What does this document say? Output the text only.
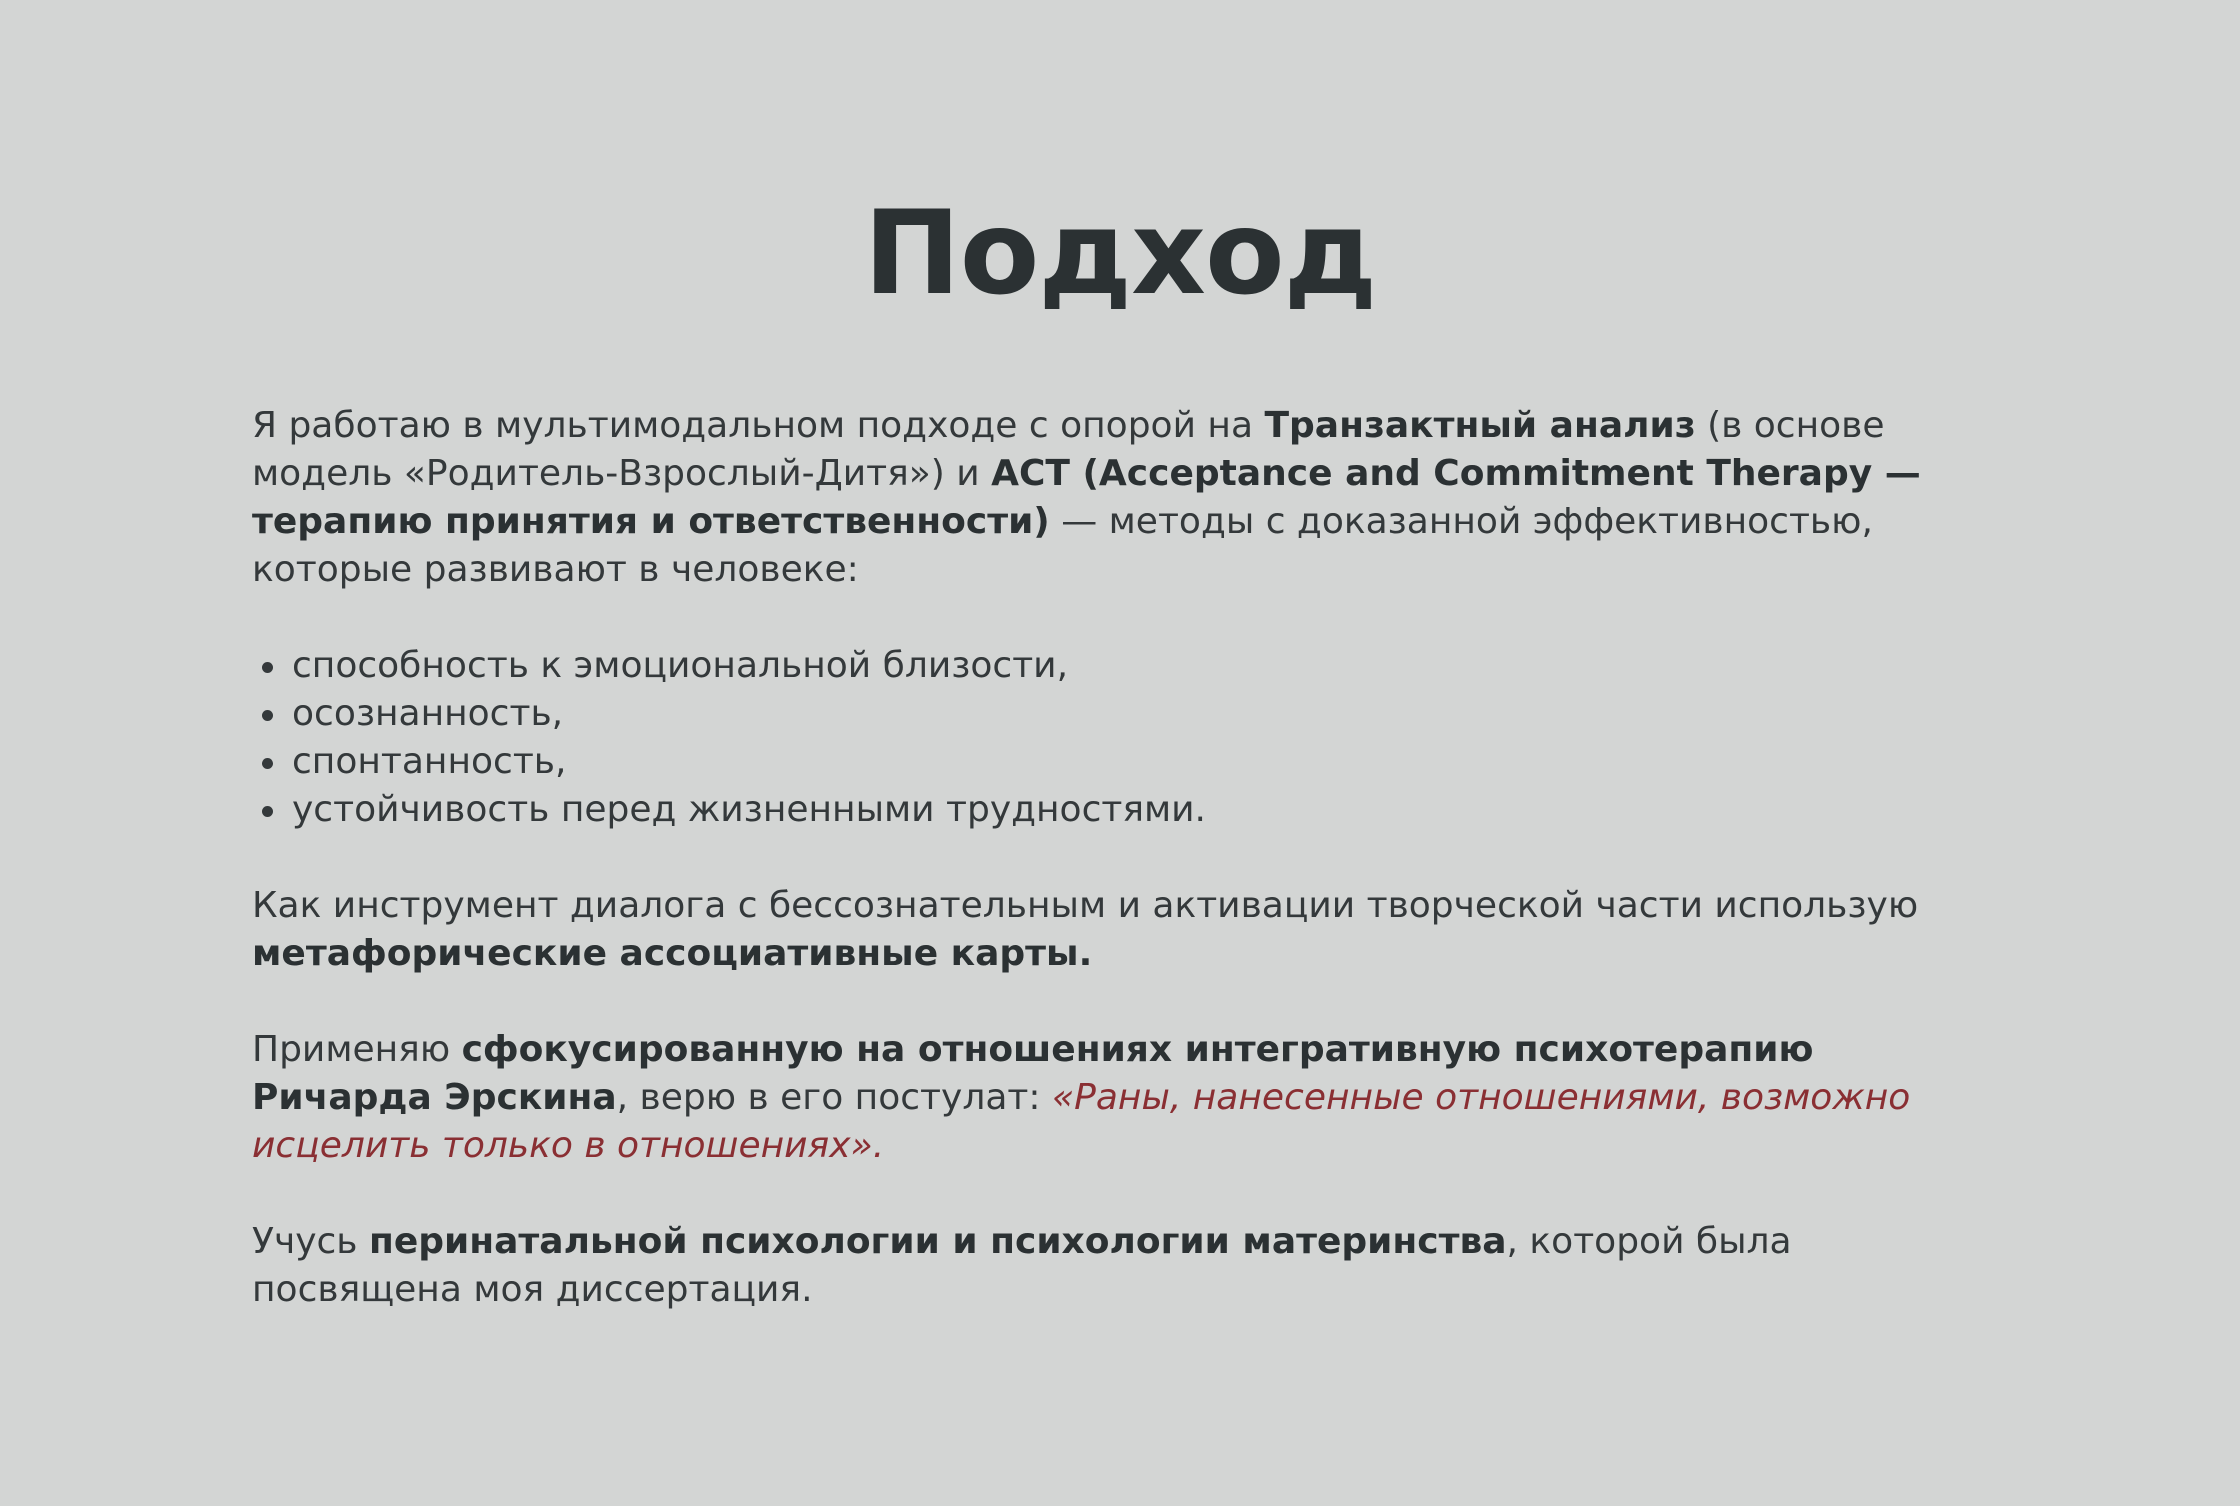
Подход

Я работаю в мультимодальном подходе с опорой на Транзактный анализ (в основе модель «Родитель-Взрослый-Дитя») и ACT (Acceptance and Commitment Therapy — терапию принятия и ответственности) — методы с доказанной эффективностью, которые развивают в человеке:

способность к эмоциональной близости,
осознанность,
спонтанность,
устойчивость перед жизненными трудностями.

Как инструмент диалога с бессознательным и активации творческой части использую метафорические ассоциативные карты.

Применяю сфокусированную на отношениях интегративную психотерапию Ричарда Эрскина, верю в его постулат: «Раны, нанесенные отношениями, возможно исцелить только в отношениях».

Учусь перинатальной психологии и психологии материнства, которой была посвящена моя диссертация.
